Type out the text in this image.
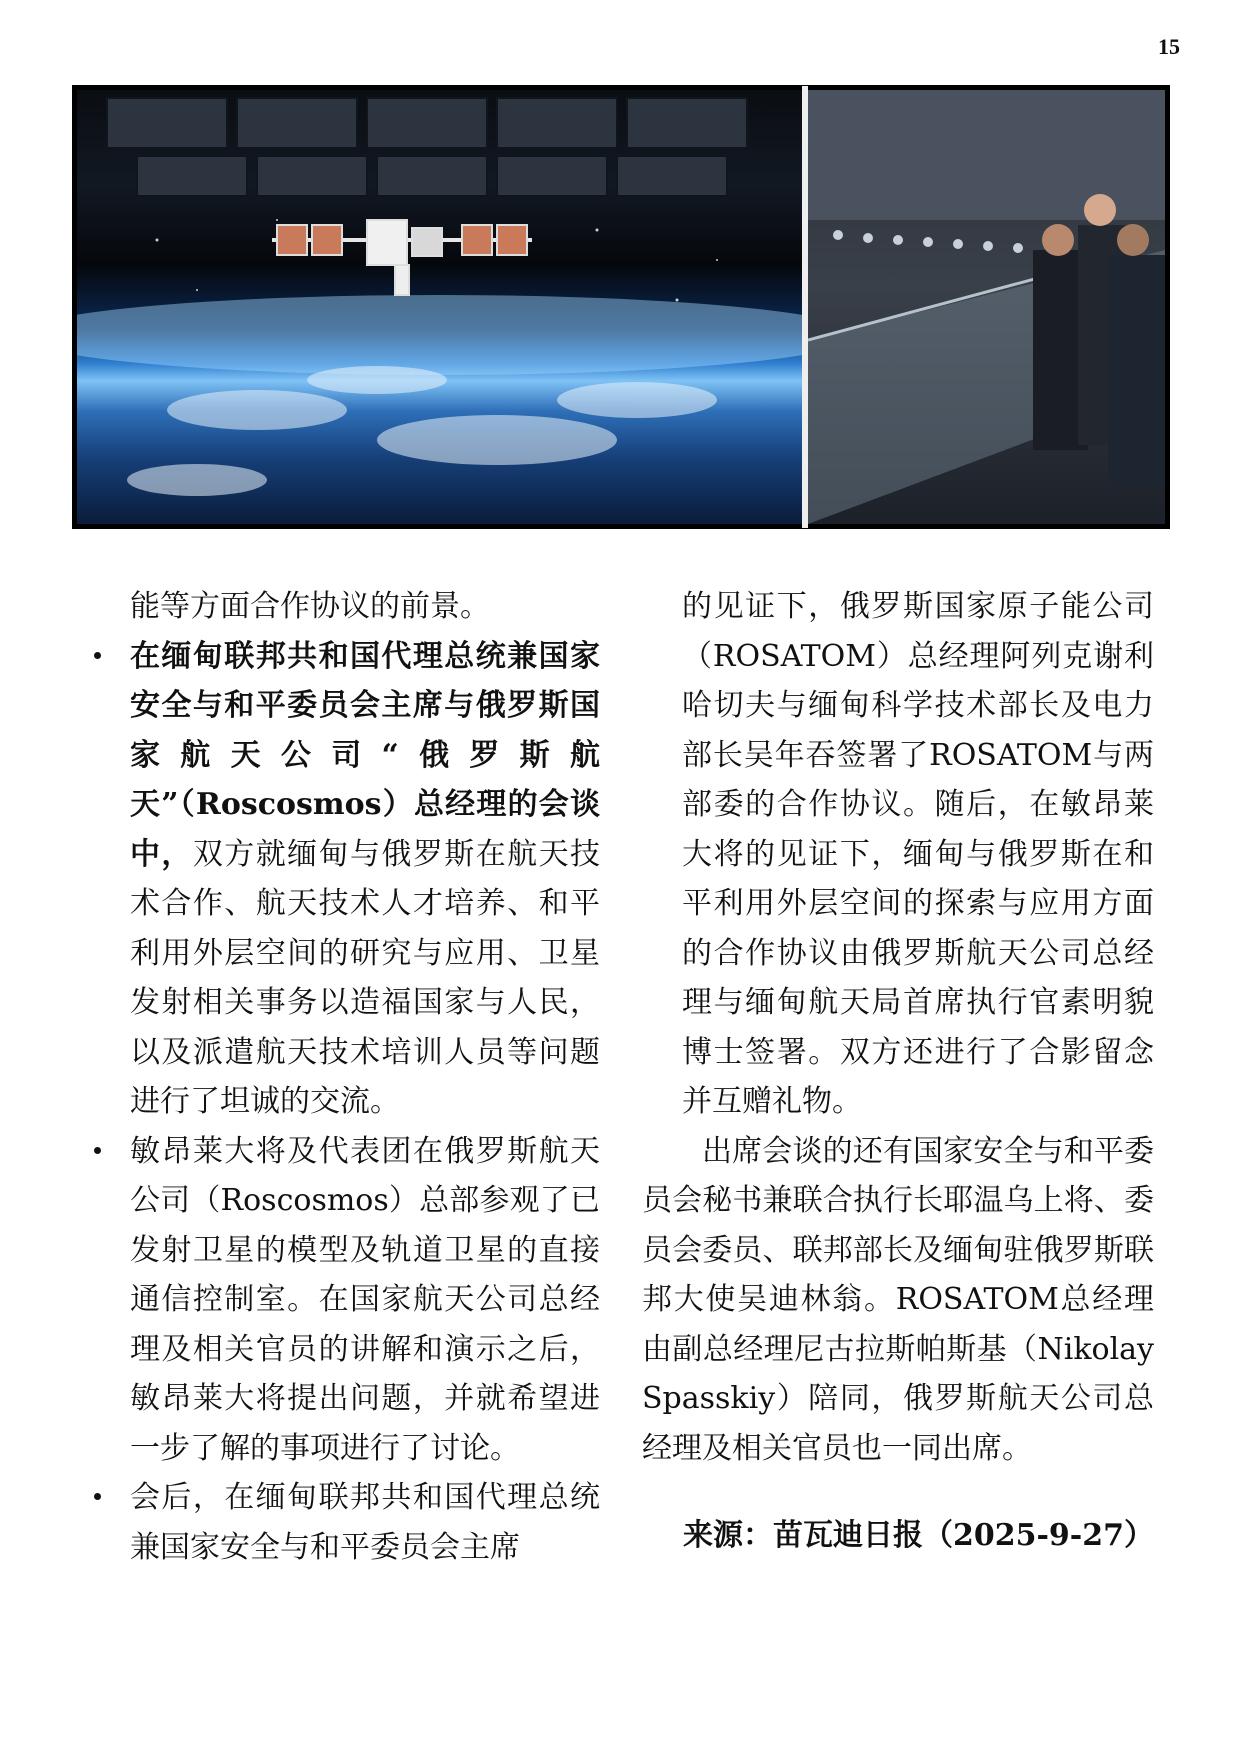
15

能等方面合作协议的前景。

在缅甸联邦共和国代理总统兼国家安全与和平委员会主席与俄罗斯国家航天公司“俄罗斯航天”（Roscosmos）总经理的会谈中，双方就缅甸与俄罗斯在航天技术合作、航天技术人才培养、和平利用外层空间的研究与应用、卫星发射相关事务以造福国家与人民，以及派遣航天技术培训人员等问题进行了坦诚的交流。
敏昂莱大将及代表团在俄罗斯航天公司（Roscosmos）总部参观了已发射卫星的模型及轨道卫星的直接通信控制室。在国家航天公司总经理及相关官员的讲解和演示之后，敏昂莱大将提出问题，并就希望进一步了解的事项进行了讨论。
会后，在缅甸联邦共和国代理总统兼国家安全与和平委员会主席

的见证下，俄罗斯国家原子能公司（ROSATOM）总经理阿列克谢利哈切夫与缅甸科学技术部长及电力部长吴年吞签署了ROSATOM与两部委的合作协议。随后，在敏昂莱大将的见证下，缅甸与俄罗斯在和平利用外层空间的探索与应用方面的合作协议由俄罗斯航天公司总经理与缅甸航天局首席执行官素明貌博士签署。双方还进行了合影留念并互赠礼物。

出席会谈的还有国家安全与和平委员会秘书兼联合执行长耶温乌上将、委员会委员、联邦部长及缅甸驻俄罗斯联邦大使吴迪林翁。ROSATOM总经理由副总经理尼古拉斯帕斯基（Nikolay Spasskiy）陪同，俄罗斯航天公司总经理及相关官员也一同出席。

来源：苗瓦迪日报（2025-9-27）
